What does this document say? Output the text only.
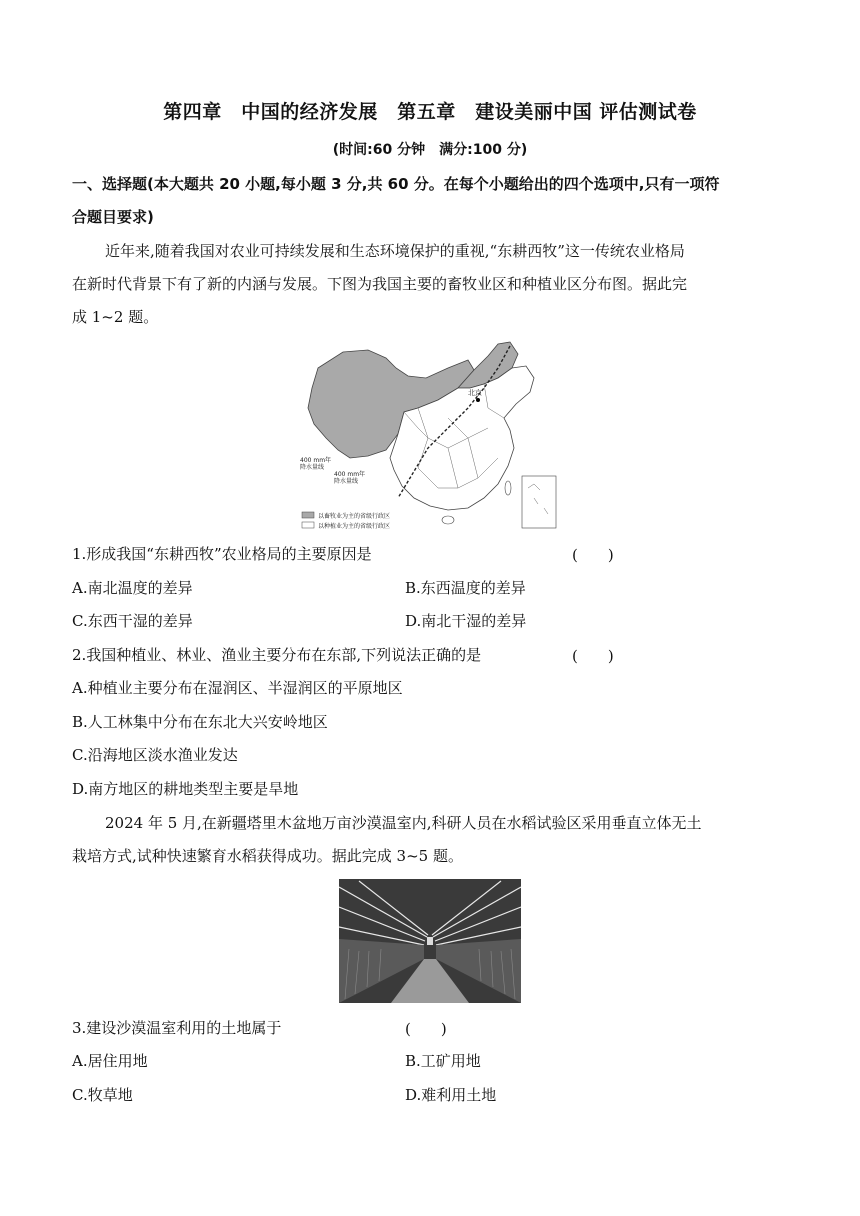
第四章　中国的经济发展　第五章　建设美丽中国 评估测试卷
(时间:60 分钟　满分:100 分)
一、选择题(本大题共 20 小题,每小题 3 分,共 60 分。在每个小题给出的四个选项中,只有一项符
合题目要求)
近年来,随着我国对农业可持续发展和生态环境保护的重视,“东耕西牧”这一传统农业格局
在新时代背景下有了新的内涵与发展。下图为我国主要的畜牧业区和种植业区分布图。据此完
成 1~2 题。
北京
400 mm年
降水量线
400 mm年
降水量线
以畜牧业为主的省级行政区
以种植业为主的省级行政区
1.形成我国“东耕西牧”农业格局的主要原因是	(　　)
A.南北温度的差异	B.东西温度的差异
C.东西干湿的差异	D.南北干湿的差异
2.我国种植业、林业、渔业主要分布在东部,下列说法正确的是	(　　)
A.种植业主要分布在湿润区、半湿润区的平原地区
B.人工林集中分布在东北大兴安岭地区
C.沿海地区淡水渔业发达
D.南方地区的耕地类型主要是旱地
2024 年 5 月,在新疆塔里木盆地万亩沙漠温室内,科研人员在水稻试验区采用垂直立体无土
栽培方式,试种快速繁育水稻获得成功。据此完成 3~5 题。
3.建设沙漠温室利用的土地属于	(　　)
A.居住用地	B.工矿用地
C.牧草地	D.难利用土地
